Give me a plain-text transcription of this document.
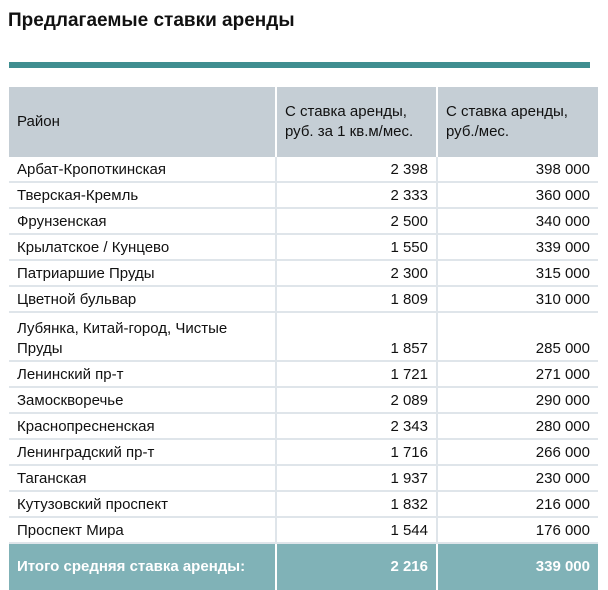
Предлагаемые ставки аренды
Район	С ставка аренды, руб. за 1 кв.м/мес.	С ставка аренды, руб./мес.
Арбат-Кропоткинская	2 398	398 000
Тверская-Кремль	2 333	360 000
Фрунзенская	2 500	340 000
Крылатское / Кунцево	1 550	339 000
Патриаршие Пруды	2 300	315 000
Цветной бульвар	1 809	310 000
Лубянка, Китай-город, Чистые Пруды	1 857	285 000
Ленинский пр-т	1 721	271 000
Замоскворечье	2 089	290 000
Краснопресненская	2 343	280 000
Ленинградский пр-т	1 716	266 000
Таганская	1 937	230 000
Кутузовский проспект	1 832	216 000
Проспект Мира	1 544	176 000
Итого средняя ставка аренды:	2 216	339 000
